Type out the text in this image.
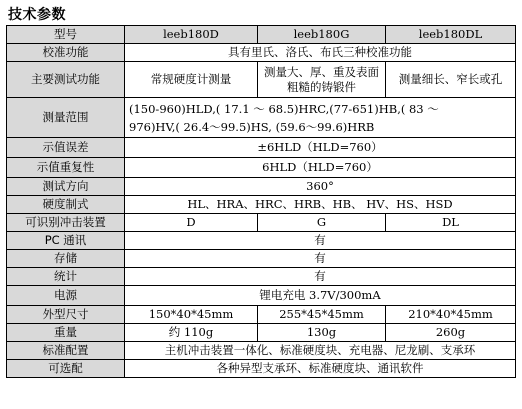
技术参数
型号	leeb180D	leeb180G	leeb180DL
校准功能	具有里氏、洛氏、布氏三种校准功能		
主要测试功能	常规硬度计测量	测量大、厚、重及表面粗糙的铸锻件	测量细长、窄长或孔
测量范围	(150-960)HLD,( 17.1 ～ 68.5)HRC,(77-651)HB,( 83 ～
976)HV,( 26.4～99.5)HS, (59.6～99.6)HRB		

示值误差	±6HLD（HLD=760）		
示值重复性	6HLD（HLD=760）		
测试方向	360°		
硬度制式	HL、HRA、HRC、HRB、HB、 HV、HS、HSD		
可识别冲击装置	D	G	DL
PC 通讯	有		
存储	有		
统计	有		
电源	锂电充电 3.7V/300mA		
外型尺寸	150*40*45mm	255*45*45mm	210*40*45mm
重量	约 110g	130g	260g
标准配置	主机冲击装置一体化、标准硬度块、充电器、尼龙刷、支承环		
可选配	各种异型支承环、标准硬度块、通讯软件		
